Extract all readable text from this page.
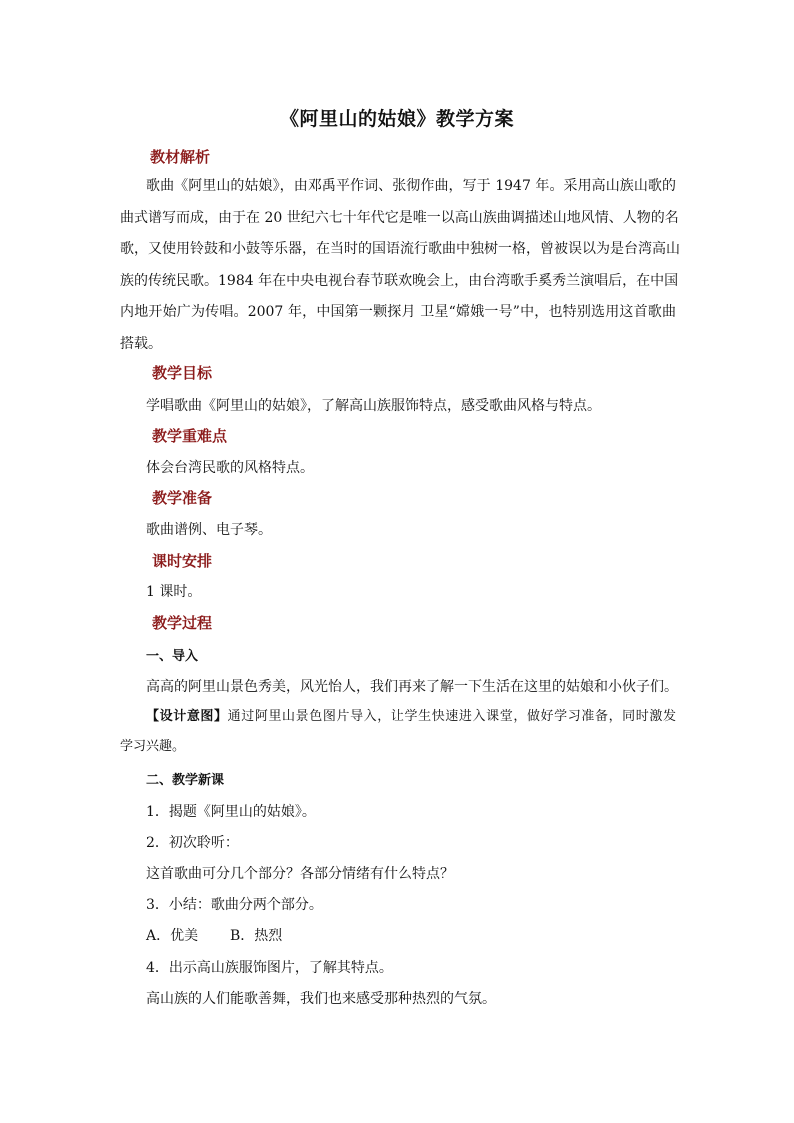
《阿里山的姑娘》教学方案
教材解析
歌曲《阿里山的姑娘》，由邓禹平作词、张彻作曲，写于 1947 年。采用高山族山歌的
曲式谱写而成，由于在 20 世纪六七十年代它是唯一以高山族曲调描述山地风情、人物的名
歌，又使用铃鼓和小鼓等乐器，在当时的国语流行歌曲中独树一格，曾被误以为是台湾高山
族的传统民歌。1984 年在中央电视台春节联欢晚会上，由台湾歌手奚秀兰演唱后，在中国
内地开始广为传唱。2007 年，中国第一颗探月 卫星“嫦娥一号”中，也特别选用这首歌曲
搭载。
教学目标
学唱歌曲《阿里山的姑娘》，了解高山族服饰特点，感受歌曲风格与特点。
教学重难点
体会台湾民歌的风格特点。
教学准备
歌曲谱例、电子琴。
课时安排
1 课时。
教学过程
一、导入
高高的阿里山景色秀美，风光怡人，我们再来了解一下生活在这里的姑娘和小伙子们。
【设计意图】通过阿里山景色图片导入，让学生快速进入课堂，做好学习准备，同时激发
学习兴趣。
二、教学新课
1．揭题《阿里山的姑娘》。
2．初次聆听：
这首歌曲可分几个部分？各部分情绪有什么特点？
3．小结：歌曲分两个部分。
A．优美 B．热烈
4．出示高山族服饰图片，了解其特点。
高山族的人们能歌善舞，我们也来感受那种热烈的气氛。
